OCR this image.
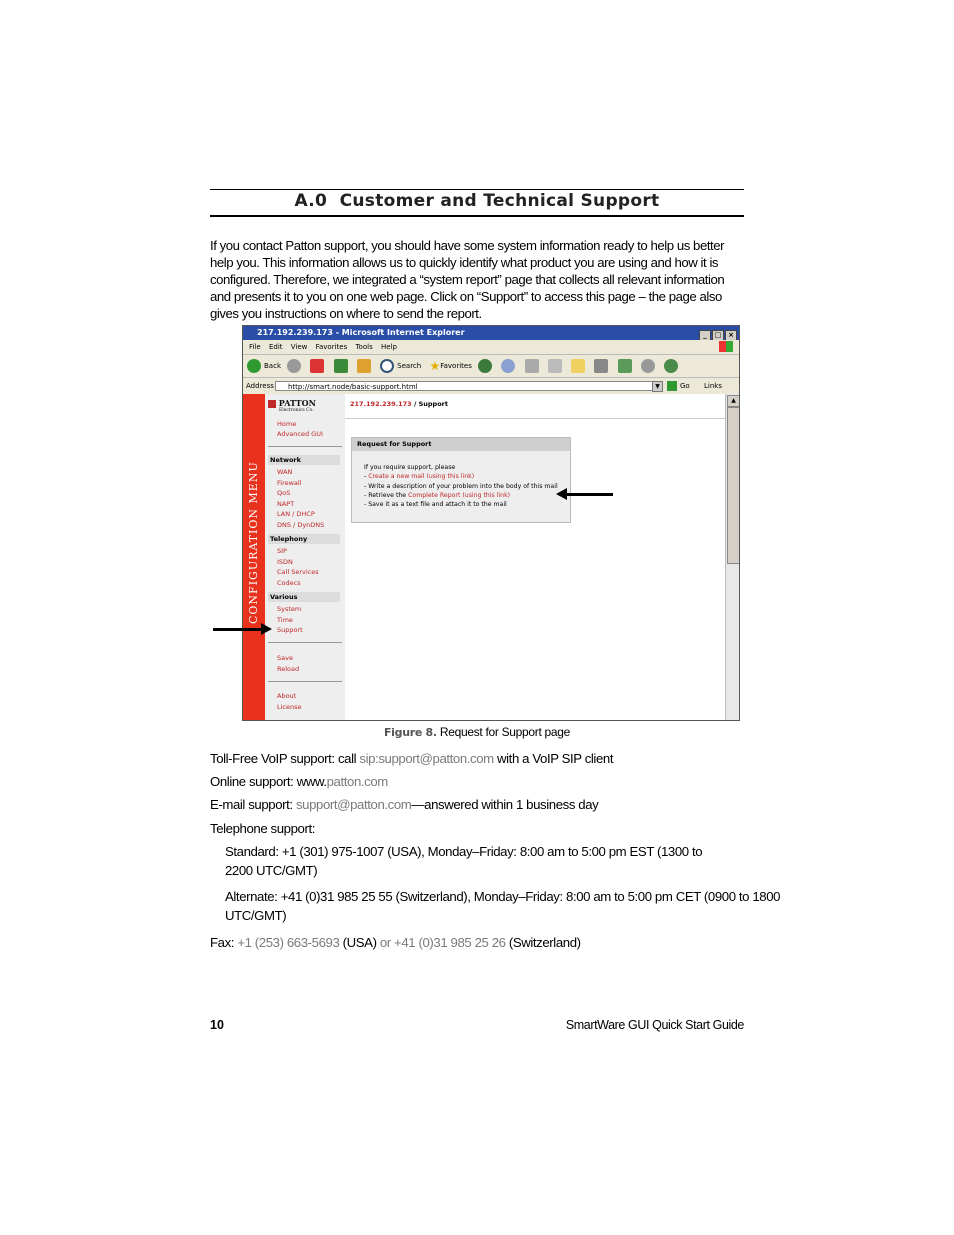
A.0  Customer and Technical Support
If you contact Patton support, you should have some system information ready to help us better help you. This information allows us to quickly identify what product you are using and how it is configured. Therefore, we integrated a “system report” page that collects all relevant information and presents it to you on one web page. Click on “Support” to access this page – the page also gives you instructions on where to send the report.
217.192.239.173 - Microsoft Internet Explorer	_ □ ×
File Edit View Favorites Tools Help
Back	Search ★Favorites
Address	http://smart.node/basic-support.html	▼	Go Links
CONFIGURATION MENU
PATTON
Electronics Co.
Home
Advanced GUI
Network
WAN
Firewall
QoS
NAPT
LAN / DHCP
DNS / DynDNS
Telephony
SIP
ISDN
Call Services
Codecs
Various
System
Time
Support
Save
Reload
About
License
217.192.239.173 / Support
Request for Support
If you require support, please
- Create a new mail (using this link)
- Write a description of your problem into the body of this mail
- Retrieve the Complete Report (using this link)
- Save it as a text file and attach it to the mail
▲
Figure 8. Request for Support page
Toll-Free VoIP support: call sip:support@patton.com with a VoIP SIP client
Online support: www.patton.com
E-mail support: support@patton.com—answered within 1 business day
Telephone support:
Standard: +1 (301) 975-1007 (USA), Monday–Friday: 8:00 am to 5:00 pm EST (1300 to
2200 UTC/GMT)
Alternate: +41 (0)31 985 25 55 (Switzerland), Monday–Friday: 8:00 am to 5:00 pm CET (0900 to 1800
UTC/GMT)
Fax: +1 (253) 663-5693 (USA) or +41 (0)31 985 25 26 (Switzerland)
10	SmartWare GUI Quick Start Guide
